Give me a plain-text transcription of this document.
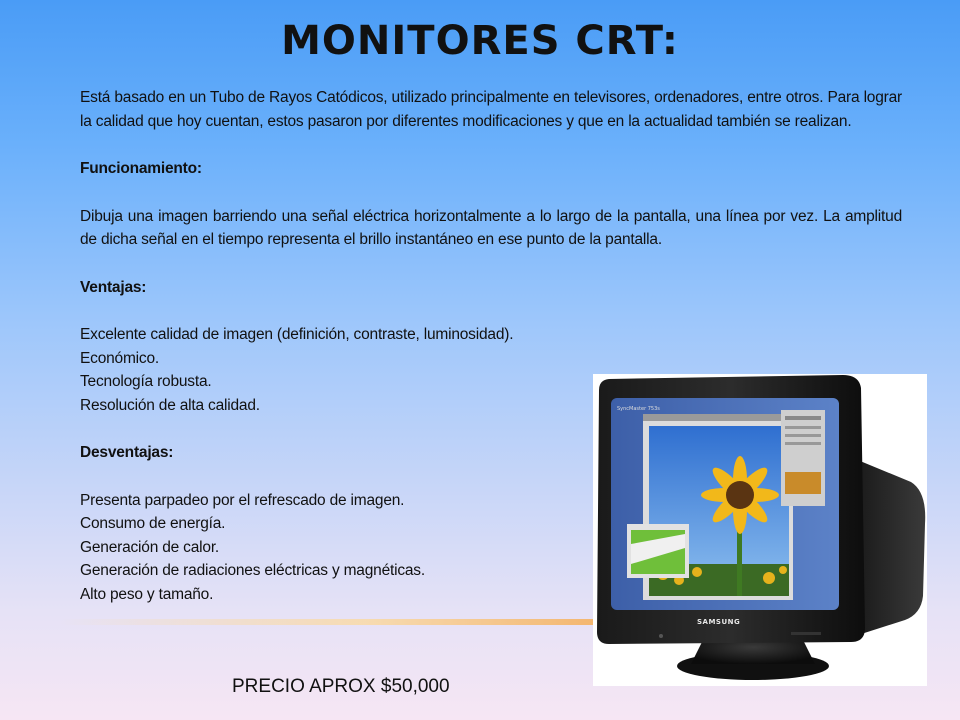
MONITORES CRT:

Está basado en un Tubo de Rayos Catódicos, utilizado principalmente en televisores, ordenadores, entre otros. Para lograr la calidad que hoy cuentan, estos pasaron por diferentes modificaciones y que en la actualidad también se realizan.

Funcionamiento:

Dibuja una imagen barriendo una señal eléctrica horizontalmente a lo largo de la pantalla, una línea por vez. La amplitud de dicha señal en el tiempo representa el brillo instantáneo en ese punto de la pantalla.

Ventajas:

Excelente calidad de imagen (definición, contraste, luminosidad).

Económico.

Tecnología robusta.

Resolución de alta calidad.

Desventajas:

Presenta parpadeo por el refrescado de imagen.

Consumo de energía.

Generación de calor.

Generación de radiaciones eléctricas y magnéticas.

Alto peso y tamaño.

SyncMaster 753s
SAMSUNG
PRECIO APROX $50,000
